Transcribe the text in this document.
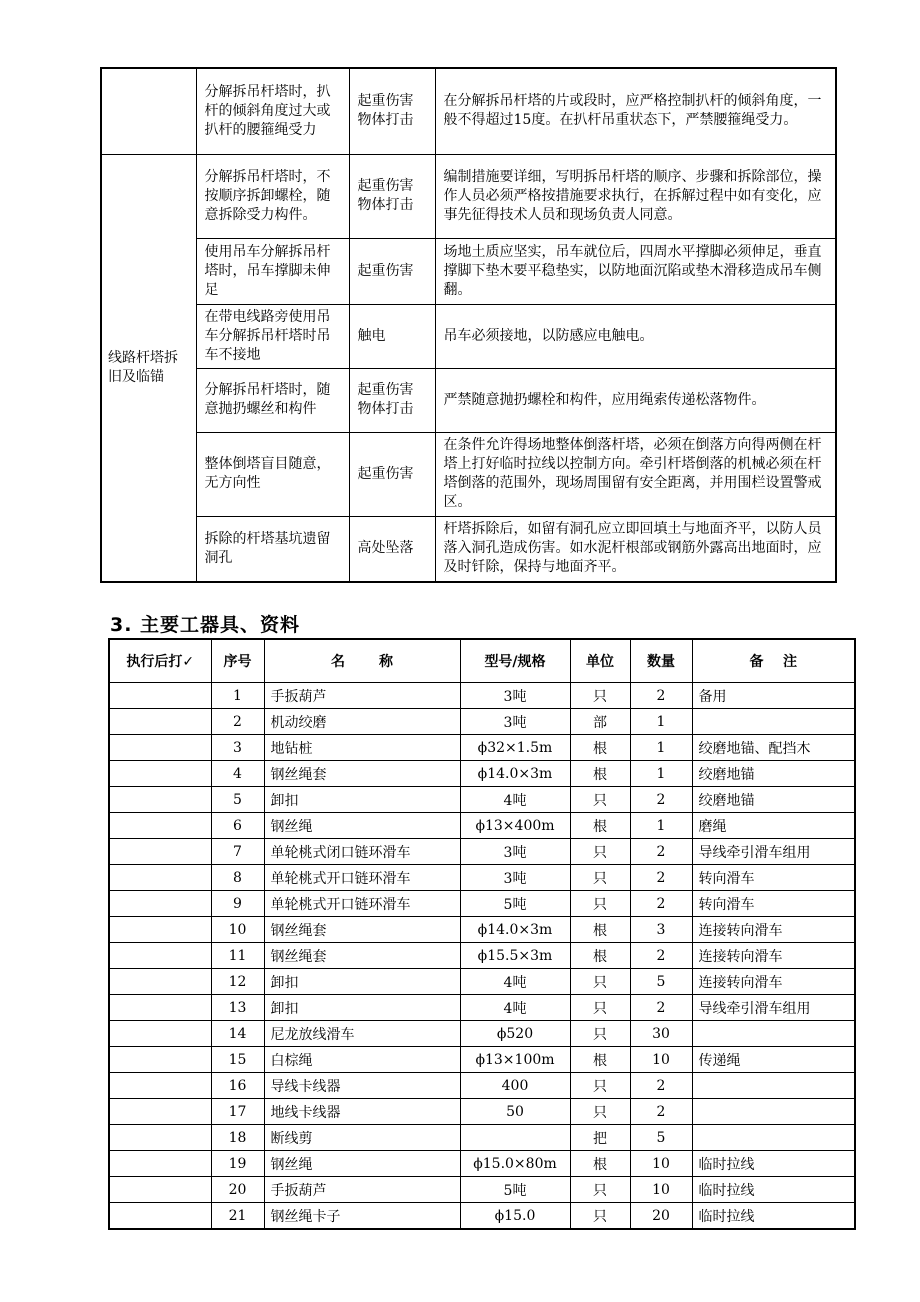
	分解拆吊杆塔时，扒杆的倾斜角度过大或扒杆的腰箍绳受力	起重伤害物体打击	在分解拆吊杆塔的片或段时，应严格控制扒杆的倾斜角度，一般不得超过15度。在扒杆吊重状态下，严禁腰箍绳受力。
线路杆塔拆旧及临锚	分解拆吊杆塔时，不按顺序拆卸螺栓，随意拆除受力构件。	起重伤害物体打击	编制措施要详细，写明拆吊杆塔的顺序、步骤和拆除部位，操作人员必须严格按措施要求执行，在拆解过程中如有变化，应事先征得技术人员和现场负责人同意。
	使用吊车分解拆吊杆塔时，吊车撑脚未伸足	起重伤害	场地土质应坚实，吊车就位后，四周水平撑脚必须伸足，垂直撑脚下垫木要平稳垫实，以防地面沉陷或垫木滑移造成吊车侧翻。
	在带电线路旁使用吊车分解拆吊杆塔时吊车不接地	触电	吊车必须接地，以防感应电触电。
	分解拆吊杆塔时，随意抛扔螺丝和构件	起重伤害物体打击	严禁随意抛扔螺栓和构件，应用绳索传递松落物件。
	整体倒塔盲目随意，无方向性	起重伤害	在条件允许得场地整体倒落杆塔，必须在倒落方向得两侧在杆塔上打好临时拉线以控制方向。牵引杆塔倒落的机械必须在杆塔倒落的范围外，现场周围留有安全距离，并用围栏设置警戒区。
	拆除的杆塔基坑遗留洞孔	高处坠落	杆塔拆除后，如留有洞孔应立即回填土与地面齐平，以防人员落入洞孔造成伤害。如水泥杆根部或钢筋外露高出地面时，应及时钎除，保持与地面齐平。
3. 主要工器具、资料
执行后打✓	序号	名       称	型号/规格	单位	数量	备    注
	1	手扳葫芦	3吨	只	2	备用
	2	机动绞磨	3吨	部	1	
	3	地钻桩	ϕ32×1.5m	根	1	绞磨地锚、配挡木
	4	钢丝绳套	ϕ14.0×3m	根	1	绞磨地锚
	5	卸扣	4吨	只	2	绞磨地锚
	6	钢丝绳	ϕ13×400m	根	1	磨绳
	7	单轮桃式闭口链环滑车	3吨	只	2	导线牵引滑车组用
	8	单轮桃式开口链环滑车	3吨	只	2	转向滑车
	9	单轮桃式开口链环滑车	5吨	只	2	转向滑车
	10	钢丝绳套	ϕ14.0×3m	根	3	连接转向滑车
	11	钢丝绳套	ϕ15.5×3m	根	2	连接转向滑车
	12	卸扣	4吨	只	5	连接转向滑车
	13	卸扣	4吨	只	2	导线牵引滑车组用
	14	尼龙放线滑车	ϕ520	只	30	
	15	白棕绳	ϕ13×100m	根	10	传递绳
	16	导线卡线器	400	只	2	
	17	地线卡线器	50	只	2	
	18	断线剪		把	5	
	19	钢丝绳	ϕ15.0×80m	根	10	临时拉线
	20	手扳葫芦	5吨	只	10	临时拉线
	21	钢丝绳卡子	ϕ15.0	只	20	临时拉线
